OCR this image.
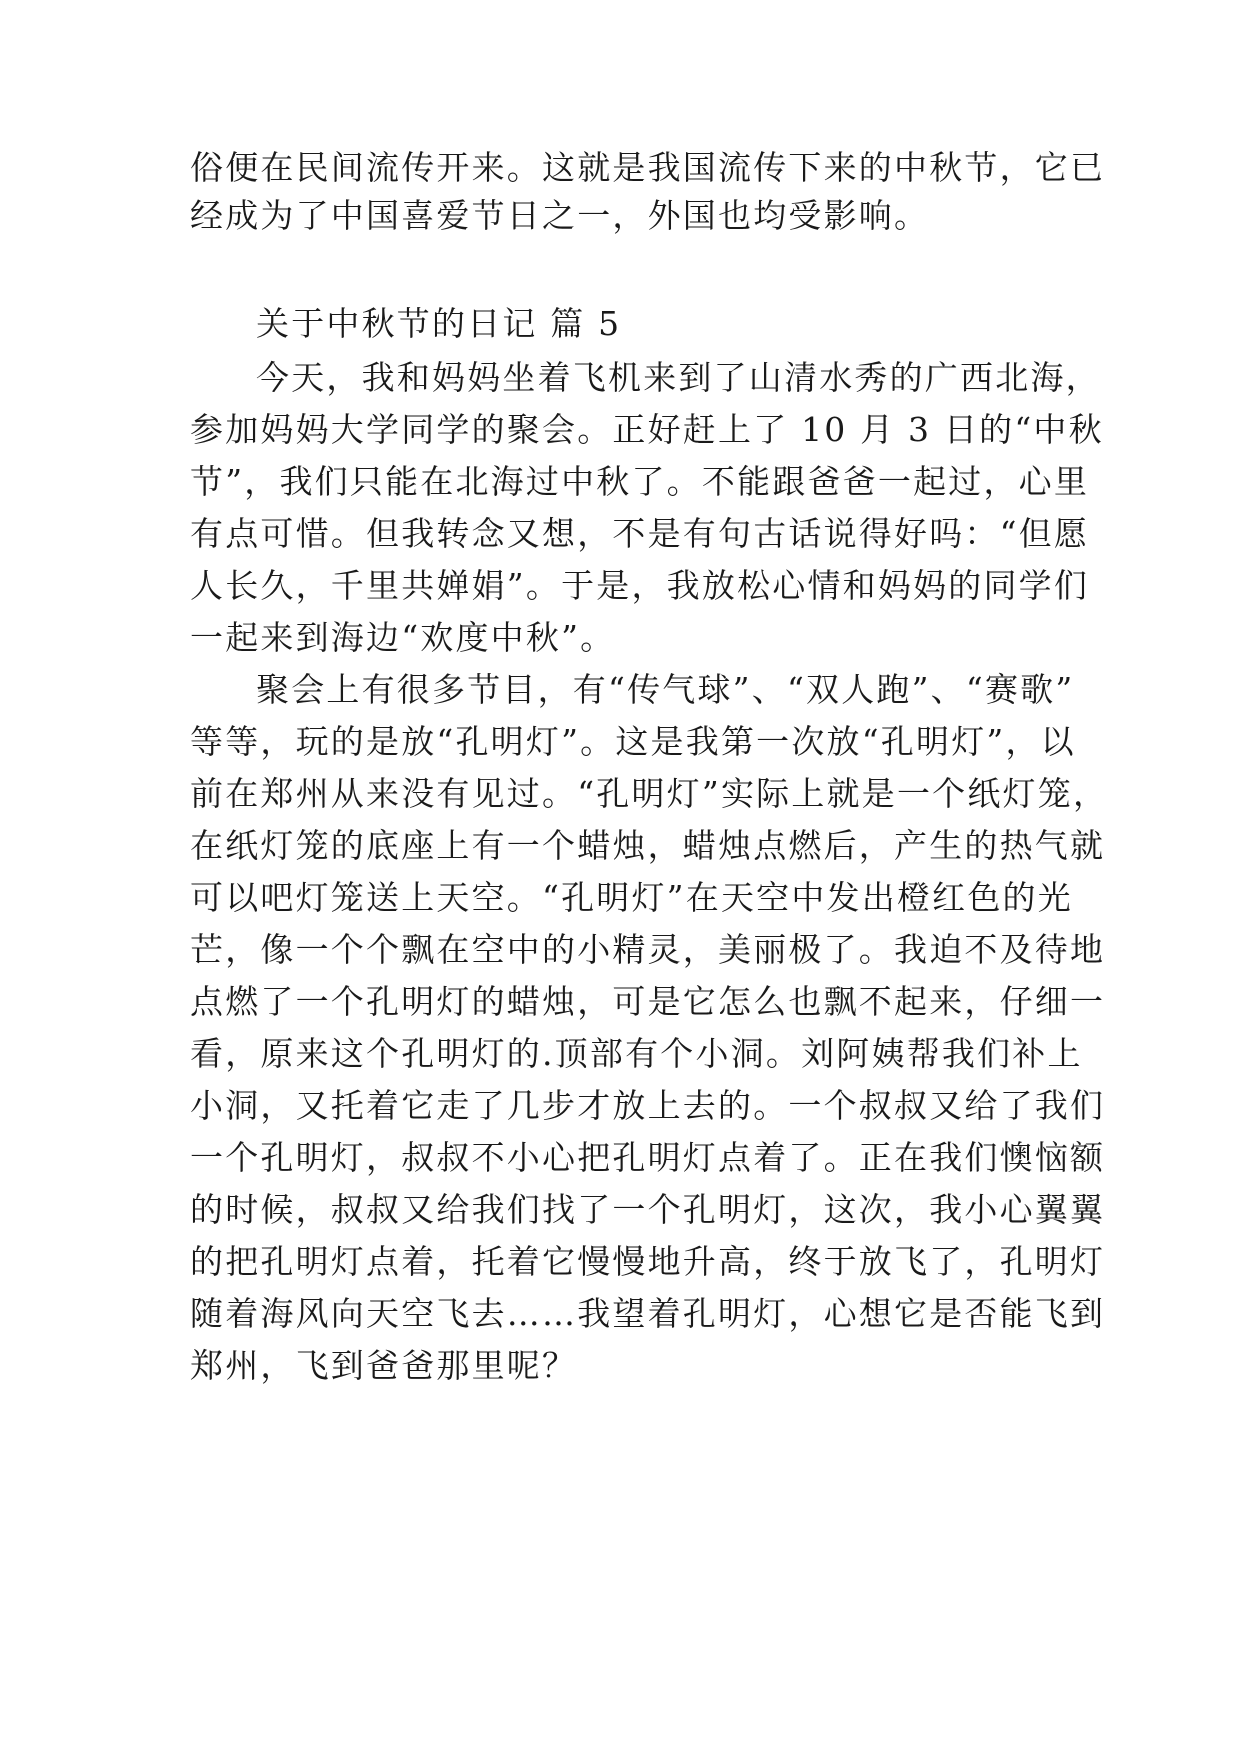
俗便在民间流传开来。这就是我国流传下来的中秋节，它已
经成为了中国喜爱节日之一，外国也均受影响。
关于中秋节的日记 篇 5
今天，我和妈妈坐着飞机来到了山清水秀的广西北海，
参加妈妈大学同学的聚会。正好赶上了 10 月 3 日的“中秋
节”，我们只能在北海过中秋了。不能跟爸爸一起过，心里
有点可惜。但我转念又想，不是有句古话说得好吗：“但愿
人长久，千里共婵娟”。于是，我放松心情和妈妈的同学们
一起来到海边“欢度中秋”。
聚会上有很多节目，有“传气球”、“双人跑”、“赛歌”
等等，玩的是放“孔明灯”。这是我第一次放“孔明灯”，以
前在郑州从来没有见过。“孔明灯”实际上就是一个纸灯笼，
在纸灯笼的底座上有一个蜡烛，蜡烛点燃后，产生的热气就
可以吧灯笼送上天空。“孔明灯”在天空中发出橙红色的光
芒，像一个个飘在空中的小精灵，美丽极了。我迫不及待地
点燃了一个孔明灯的蜡烛，可是它怎么也飘不起来，仔细一
看，原来这个孔明灯的.顶部有个小洞。刘阿姨帮我们补上
小洞，又托着它走了几步才放上去的。一个叔叔又给了我们
一个孔明灯，叔叔不小心把孔明灯点着了。正在我们懊恼额
的时候，叔叔又给我们找了一个孔明灯，这次，我小心翼翼
的把孔明灯点着，托着它慢慢地升高，终于放飞了，孔明灯
随着海风向天空飞去……我望着孔明灯，心想它是否能飞到
郑州，飞到爸爸那里呢？
